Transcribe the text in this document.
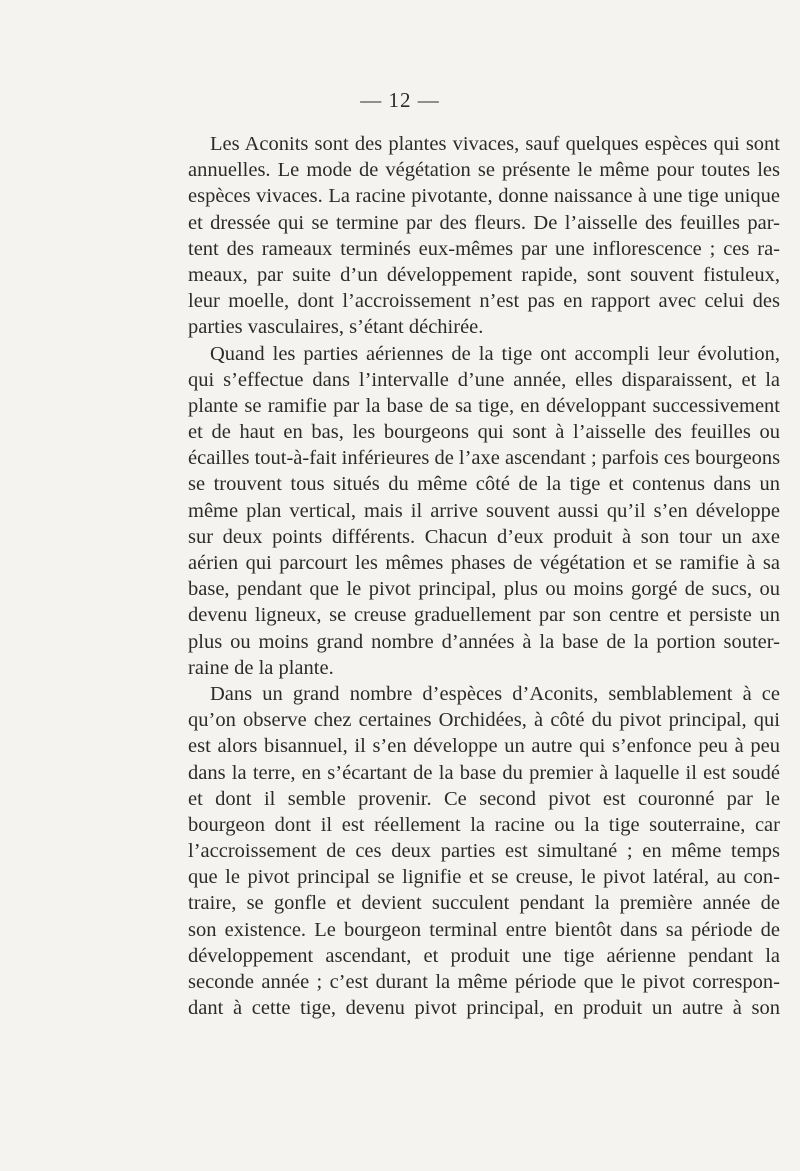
— 12 —

Les Aconits sont des plantes vivaces, sauf quelques espèces qui sont
annuelles. Le mode de végétation se présente le même pour toutes les
espèces vivaces. La racine pivotante, donne naissance à une tige unique
et dressée qui se termine par des fleurs. De l’aisselle des feuilles par-
tent des rameaux terminés eux-mêmes par une inflorescence ; ces ra-
meaux, par suite d’un développement rapide, sont souvent fistuleux,
leur moelle, dont l’accroissement n’est pas en rapport avec celui des
parties vasculaires, s’étant déchirée.

Quand les parties aériennes de la tige ont accompli leur évolution,
qui s’effectue dans l’intervalle d’une année, elles disparaissent, et la
plante se ramifie par la base de sa tige, en développant successivement
et de haut en bas, les bourgeons qui sont à l’aisselle des feuilles ou
écailles tout-à-fait inférieures de l’axe ascendant ; parfois ces bourgeons
se trouvent tous situés du même côté de la tige et contenus dans un
même plan vertical, mais il arrive souvent aussi qu’il s’en développe
sur deux points différents. Chacun d’eux produit à son tour un axe
aérien qui parcourt les mêmes phases de végétation et se ramifie à sa
base, pendant que le pivot principal, plus ou moins gorgé de sucs, ou
devenu ligneux, se creuse graduellement par son centre et persiste un
plus ou moins grand nombre d’années à la base de la portion souter-
raine de la plante.

Dans un grand nombre d’espèces d’Aconits, semblablement à ce
qu’on observe chez certaines Orchidées, à côté du pivot principal, qui
est alors bisannuel, il s’en développe un autre qui s’enfonce peu à peu
dans la terre, en s’écartant de la base du premier à laquelle il est soudé
et dont il semble provenir. Ce second pivot est couronné par le
bourgeon dont il est réellement la racine ou la tige souterraine, car
l’accroissement de ces deux parties est simultané ; en même temps
que le pivot principal se lignifie et se creuse, le pivot latéral, au con-
traire, se gonfle et devient succulent pendant la première année de
son existence. Le bourgeon terminal entre bientôt dans sa période de
développement ascendant, et produit une tige aérienne pendant la
seconde année ; c’est durant la même période que le pivot correspon-
dant à cette tige, devenu pivot principal, en produit un autre à son
